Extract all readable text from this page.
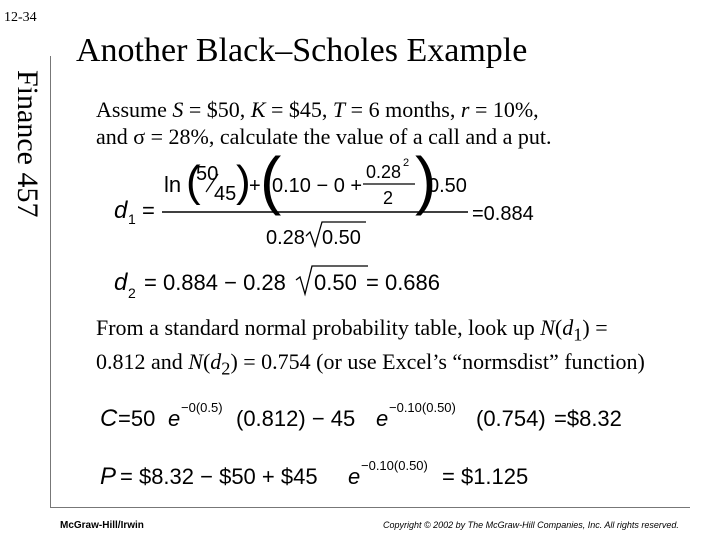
12-34
Finance 457
Another Black–Scholes Example
Assume S = $50, K = $45, T = 6 months, r = 10%,
and σ = 28%, calculate the value of a call and a put.
d 1 =
ln (
50
45 )
+ (
0.10 − 0 +
0.28 2
2 )
0.50
0.28 0.50
=0.884
d 2 = 0.884 − 0.28 0.50 = 0.686
From a standard normal probability table, look up $N(d_1)$ =
0.812 and $N(d_2) = 0.754$ (or use Excel’s “normsdist” function)
C =50 e −0(0.5) (0.812) − 45 e −0.10(0.50) (0.754) =$8.32
P = $8.32 − $50 + $45 e −0.10(0.50) = $1.125
McGraw-Hill/Irwin	Copyright © 2002 by The McGraw-Hill Companies, Inc. All rights reserved.
